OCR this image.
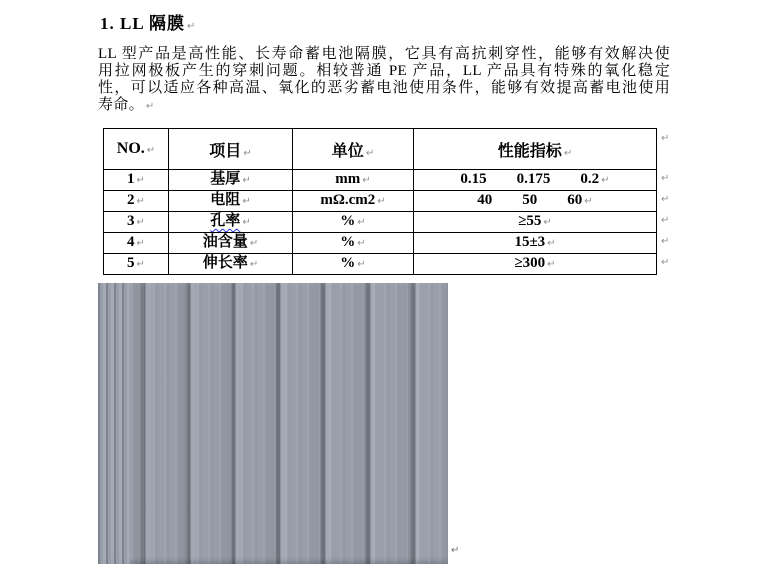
1. LL 隔膜 ↵
LL 型产品是高性能、长寿命蓄电池隔膜，它具有高抗刺穿性，能够有效解决使
用拉网极板产生的穿刺问题。相较普通 PE 产品，LL 产品具有特殊的氧化稳定
性，可以适应各种高温、氧化的恶劣蓄电池使用条件，能够有效提高蓄电池使用
寿命。 ↵
NO. ↵	项目 ↵	单位 ↵	性能指标 ↵
1 ↵	基厚 ↵	mm ↵	0.15 0.175 0.2 ↵

2 ↵	电阻 ↵	mΩ.cm2 ↵	40 50 60 ↵

3 ↵	孔率 ↵	% ↵	≥55 ↵
4 ↵	油含量 ↵	% ↵	15±3 ↵
5 ↵	伸长率 ↵	% ↵	≥300 ↵
↵
↵
↵
↵
↵
↵
↵
